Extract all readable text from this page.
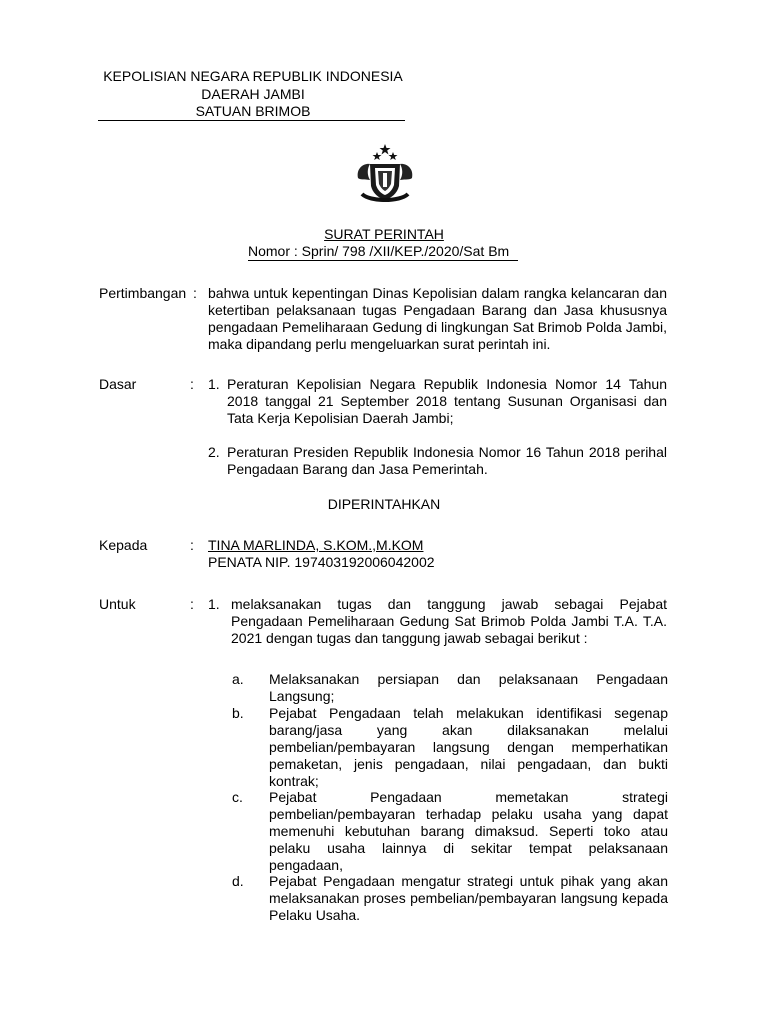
KEPOLISIAN NEGARA REPUBLIK INDONESIA
DAERAH JAMBI
SATUAN BRIMOB
SURAT PERINTAH
Nomor : Sprin/ 798 /XII/KEP./2020/Sat Bm
Pertimbangan : bahwa untuk kepentingan Dinas Kepolisian dalam rangka kelancaran dan ketertiban pelaksanaan tugas Pengadaan Barang dan Jasa khususnya pengadaan Pemeliharaan Gedung di lingkungan Sat Brimob Polda Jambi, maka dipandang perlu mengeluarkan surat perintah ini.
Dasar	: 1. Peraturan Kepolisian Negara Republik Indonesia Nomor 14 Tahun 2018 tanggal 21 September 2018 tentang Susunan Organisasi dan Tata Kerja Kepolisian Daerah Jambi;
2. Peraturan Presiden Republik Indonesia Nomor 16 Tahun 2018 perihal Pengadaan Barang dan Jasa Pemerintah.
DIPERINTAHKAN
Kepada	: TINA MARLINDA, S.KOM.,M.KOM
PENATA NIP. 197403192006042002
Untuk	: 1. melaksanakan tugas dan tanggung jawab sebagai Pejabat Pengadaan Pemeliharaan Gedung Sat Brimob Polda Jambi T.A. T.A. 2021 dengan tugas dan tanggung jawab sebagai berikut :
a. Melaksanakan persiapan dan pelaksanaan Pengadaan Langsung;
b. Pejabat Pengadaan telah melakukan identifikasi segenap barang/jasa yang akan dilaksanakan melalui pembelian/pembayaran langsung dengan memperhatikan pemaketan, jenis pengadaan, nilai pengadaan, dan bukti kontrak;
c. Pejabat Pengadaan memetakan strategi pembelian/pembayaran terhadap pelaku usaha yang dapat memenuhi kebutuhan barang dimaksud. Seperti toko atau pelaku usaha lainnya di sekitar tempat pelaksanaan pengadaan,
d. Pejabat Pengadaan mengatur strategi untuk pihak yang akan melaksanakan proses pembelian/pembayaran langsung kepada Pelaku Usaha.
